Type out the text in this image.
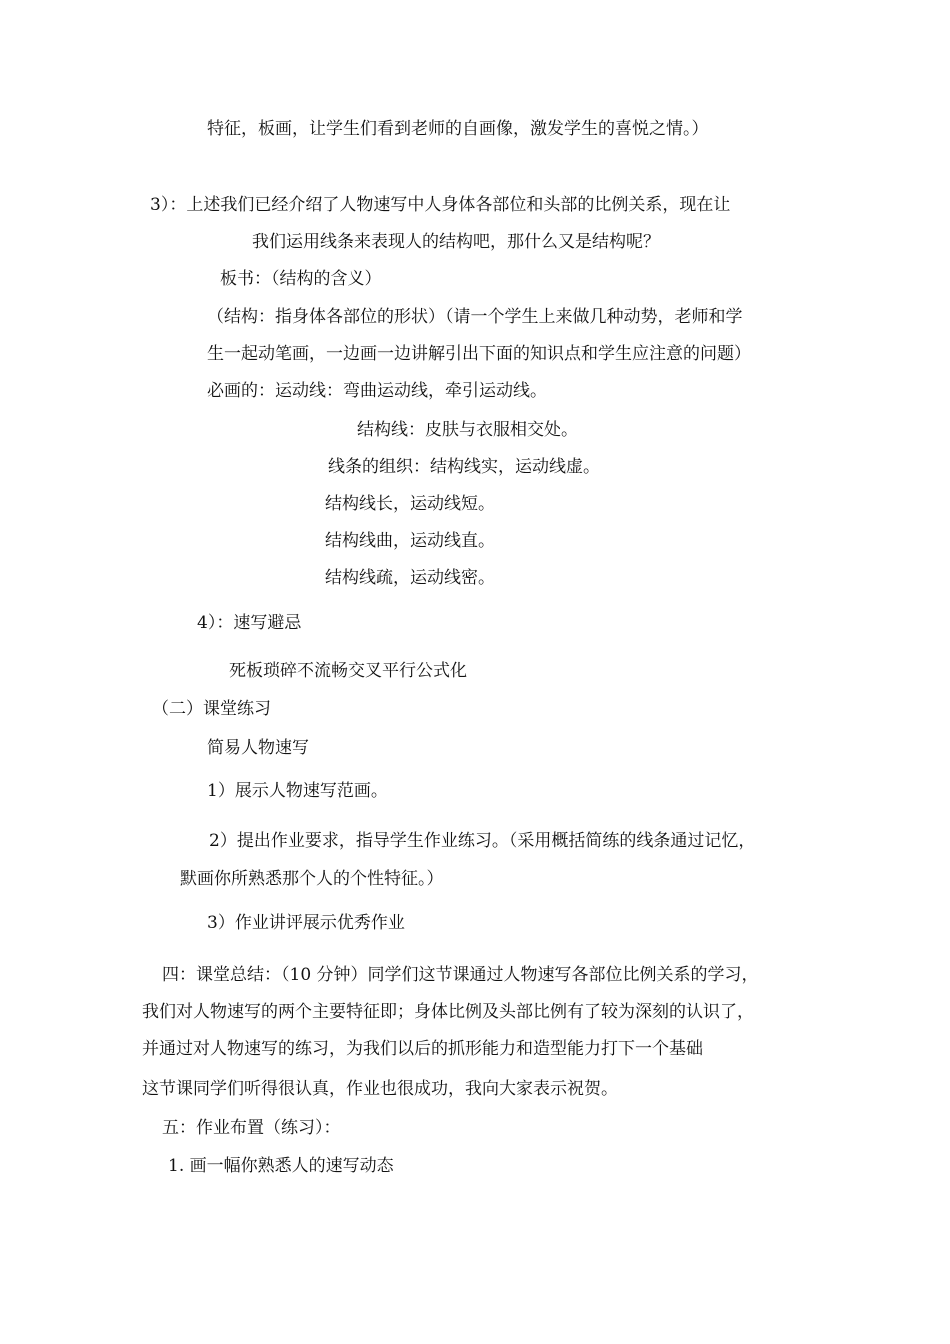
特征，板画，让学生们看到老师的自画像，激发学生的喜悦之情。）
3）：上述我们已经介绍了人物速写中人身体各部位和头部的比例关系，现在让
我们运用线条来表现人的结构吧，那什么又是结构呢？
板书：（结构的含义）
（结构：指身体各部位的形状）（请一个学生上来做几种动势，老师和学
生一起动笔画，一边画一边讲解引出下面的知识点和学生应注意的问题）
必画的：运动线：弯曲运动线，牵引运动线。
结构线：皮肤与衣服相交处。
线条的组织：结构线实，运动线虚。
结构线长，运动线短。
结构线曲，运动线直。
结构线疏，运动线密。
4）：速写避忌
死板琐碎不流畅交叉平行公式化
（二）课堂练习
简易人物速写
1）展示人物速写范画。
2）提出作业要求，指导学生作业练习。（采用概括简练的线条通过记忆，
默画你所熟悉那个人的个性特征。）
3）作业讲评展示优秀作业
四：课堂总结：（10 分钟）同学们这节课通过人物速写各部位比例关系的学习，
我们对人物速写的两个主要特征即；身体比例及头部比例有了较为深刻的认识了，
并通过对人物速写的练习，为我们以后的抓形能力和造型能力打下一个基础
这节课同学们听得很认真，作业也很成功，我向大家表示祝贺。
五：作业布置（练习）：
1. 画一幅你熟悉人的速写动态
